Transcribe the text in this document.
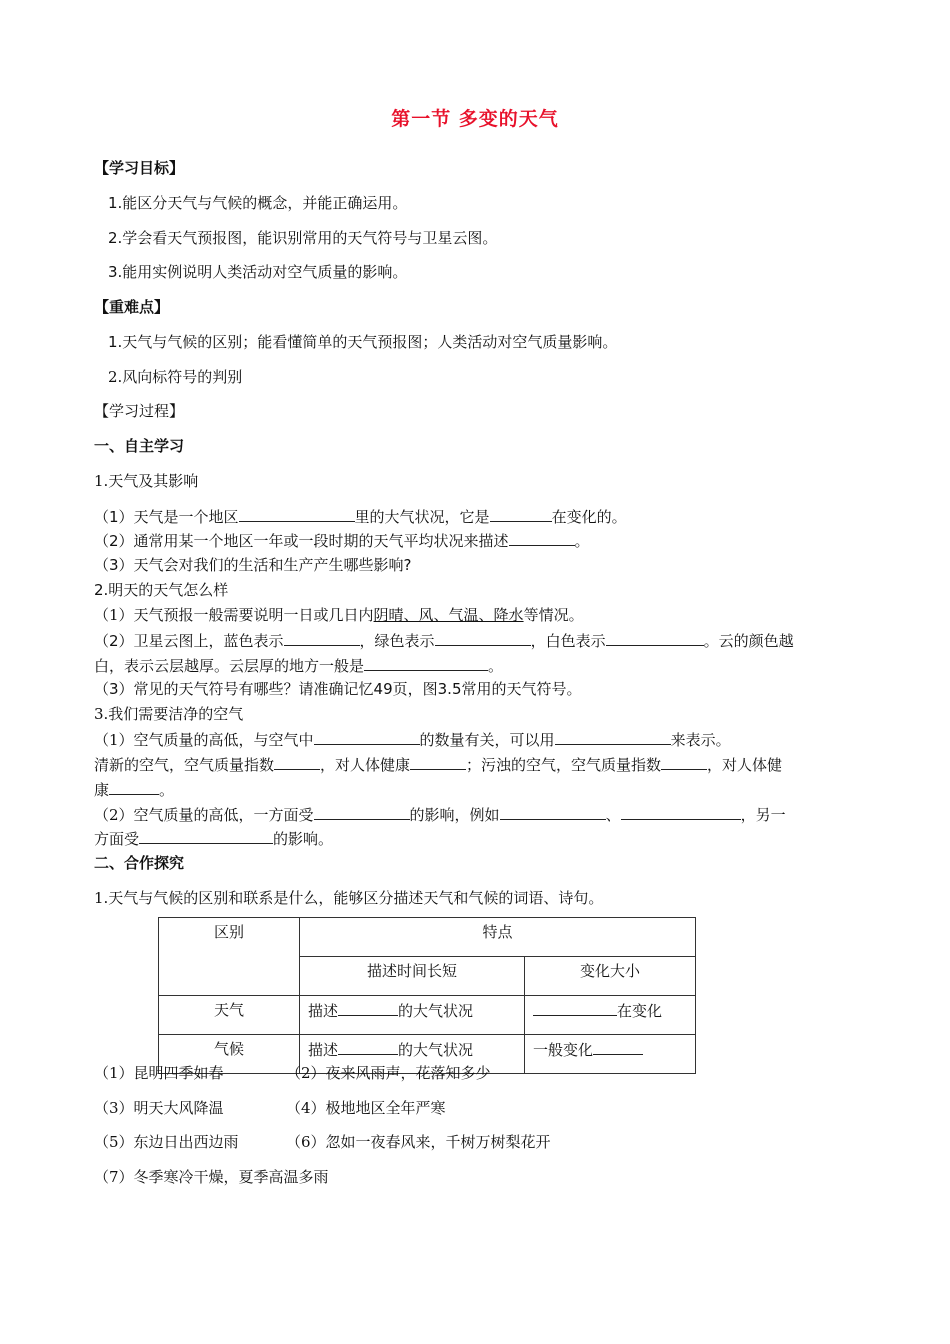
第一节 多变的天气
【学习目标】
1.能区分天气与气候的概念，并能正确运用。
2.学会看天气预报图，能识别常用的天气符号与卫星云图。
3.能用实例说明人类活动对空气质量的影响。
【重难点】
1.天气与气候的区别；能看懂简单的天气预报图；人类活动对空气质量影响。
2.风向标符号的判别
【学习过程】
一、自主学习
1.天气及其影响
（1）天气是一个地区	里的大气状况，它是	在变化的。
（2）通常用某一个地区一年或一段时期的天气平均状况来描述	。
（3）天气会对我们的生活和生产产生哪些影响?
2.明天的天气怎么样
（1）天气预报一般需要说明一日或几日内阴晴、风、气温、降水等情况。
（2）卫星云图上，蓝色表示	，绿色表示	，白色表示	。云的颜色越
白，表示云层越厚。云层厚的地方一般是	。
（3）常见的天气符号有哪些？请准确记忆49页，图3.5常用的天气符号。
3.我们需要洁净的空气
（1）空气质量的高低，与空气中	的数量有关，可以用	来表示。
清新的空气，空气质量指数	，对人体健康	；污浊的空气，空气质量指数	，对人体健
康	。
（2）空气质量的高低，一方面受	的影响，例如	、	，另一
方面受	的影响。
二、合作探究
1.天气与气候的区别和联系是什么，能够区分描述天气和气候的词语、诗句。
区别	特点	
	描述时间长短	变化大小
天气	描述 的大气状况	在变化
气候	描述 的大气状况	一般变化
（1）昆明四季如春	（2）夜来风雨声，花落知多少
（3）明天大风降温	（4）极地地区全年严寒
（5）东边日出西边雨	（6）忽如一夜春风来，千树万树梨花开
（7）冬季寒冷干燥，夏季高温多雨
